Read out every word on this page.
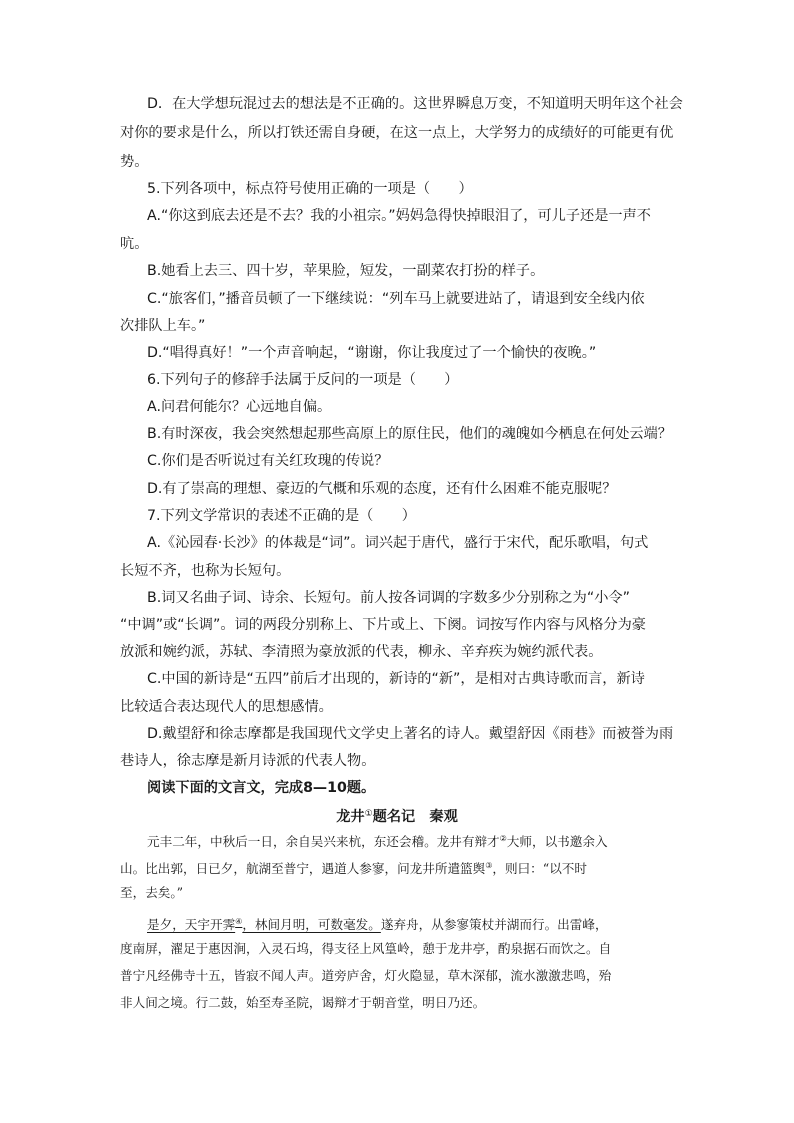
D．在大学想玩混过去的想法是不正确的。这世界瞬息万变，不知道明天明年这个社会
对你的要求是什么，所以打铁还需自身硬，在这一点上，大学努力的成绩好的可能更有优
势。
5.下列各项中，标点符号使用正确的一项是（　　）
A.“你这到底去还是不去？我的小祖宗。”妈妈急得快掉眼泪了，可儿子还是一声不
吭。
B.她看上去三、四十岁，苹果脸，短发，一副菜农打扮的样子。
C.“旅客们，”播音员顿了一下继续说：“列车马上就要进站了，请退到安全线内依
次排队上车。”
D.“唱得真好！”一个声音响起，“谢谢，你让我度过了一个愉快的夜晚。”
6.下列句子的修辞手法属于反问的一项是（　　）
A.问君何能尔？心远地自偏。
B.有时深夜，我会突然想起那些高原上的原住民，他们的魂魄如今栖息在何处云端？
C.你们是否听说过有关红玫瑰的传说？
D.有了崇高的理想、豪迈的气概和乐观的态度，还有什么困难不能克服呢？
7.下列文学常识的表述不正确的是（　　）
A.《沁园春·长沙》的体裁是“词”。词兴起于唐代，盛行于宋代，配乐歌唱，句式
长短不齐，也称为长短句。
B.词又名曲子词、诗余、长短句。前人按各词调的字数多少分别称之为“小令”
“中调”或“长调”。词的两段分别称上、下片或上、下阕。词按写作内容与风格分为豪
放派和婉约派，苏轼、李清照为豪放派的代表，柳永、辛弃疾为婉约派代表。
C.中国的新诗是“五四”前后才出现的，新诗的“新”，是相对古典诗歌而言，新诗
比较适合表达现代人的思想感情。
D.戴望舒和徐志摩都是我国现代文学史上著名的诗人。戴望舒因《雨巷》而被誉为雨
巷诗人，徐志摩是新月诗派的代表人物。
阅读下面的文言文，完成8—10题。
龙井①题名记　秦观
元丰二年，中秋后一日，余自吴兴来杭，东还会稽。龙井有辩才②大师，以书邀余入
山。比出郭，日已夕，航湖至普宁，遇道人参寥，问龙井所遣篮舆③，则曰：“以不时
至，去矣。”
是夕，天宇开霁④，林间月明，可数毫发。遂弃舟，从参寥策杖并湖而行。出雷峰，
度南屏，濯足于惠因涧，入灵石坞，得支径上风篁岭，憩于龙井亭，酌泉据石而饮之。自
普宁凡经佛寺十五，皆寂不闻人声。道旁庐舍，灯火隐显，草木深郁，流水激激悲鸣，殆
非人间之境。行二鼓，始至寿圣院，谒辩才于朝音堂，明日乃还。
